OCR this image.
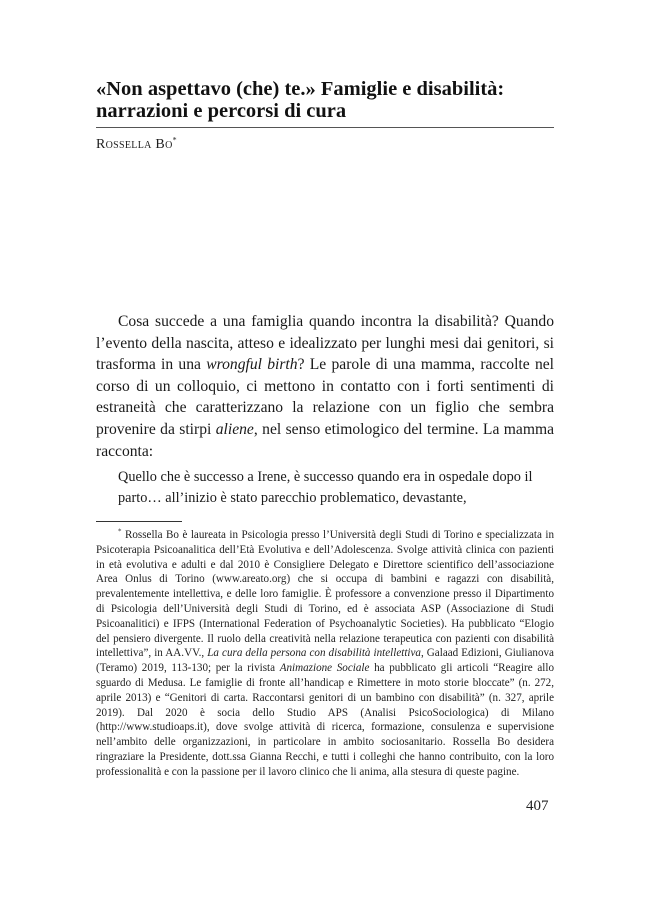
«Non aspettavo (che) te.» Famiglie e disabilità: narrazioni e percorsi di cura
Rossella Bo*

Cosa succede a una famiglia quando incontra la disabilità? Quando l’evento della nascita, atteso e idealizzato per lunghi mesi dai genitori, si trasforma in una wrongful birth? Le parole di una mamma, raccolte nel corso di un colloquio, ci mettono in contatto con i forti sentimenti di estraneità che caratterizzano la relazione con un figlio che sembra provenire da stirpi aliene, nel senso etimologico del termine. La mamma racconta:

Quello che è successo a Irene, è successo quando era in ospedale dopo il parto… all’inizio è stato parecchio problematico, devastante,

* Rossella Bo è laureata in Psicologia presso l’Università degli Studi di Torino e specializzata in Psicoterapia Psicoanalitica dell’Età Evolutiva e dell’Adolescenza. Svolge attività clinica con pazienti in età evolutiva e adulti e dal 2010 è Consigliere Delegato e Direttore scientifico dell’associazione Area Onlus di Torino (www.areato.org) che si occupa di bambini e ragazzi con disabilità, prevalentemente intellettiva, e delle loro famiglie. È professore a convenzione presso il Dipartimento di Psicologia dell’Università degli Studi di Torino, ed è associata ASP (Associazione di Studi Psicoanalitici) e IFPS (International Federation of Psychoanalytic Societies). Ha pubblicato “Elogio del pensiero divergente. Il ruolo della creatività nella relazione terapeutica con pazienti con disabilità intellettiva”, in AA.VV., La cura della persona con disabilità intellettiva, Galaad Edizioni, Giulianova (Teramo) 2019, 113-130; per la rivista Animazione Sociale ha pubblicato gli articoli “Reagire allo sguardo di Medusa. Le famiglie di fronte all’handicap e Rimettere in moto storie bloccate” (n. 272, aprile 2013) e “Genitori di carta. Raccontarsi genitori di un bambino con disabilità” (n. 327, aprile 2019). Dal 2020 è socia dello Studio APS (Analisi PsicoSociologica) di Milano (http://www.studioaps.it), dove svolge attività di ricerca, formazione, consulenza e supervisione nell’ambito delle organizzazioni, in particolare in ambito sociosanitario. Rossella Bo desidera ringraziare la Presidente, dott.ssa Gianna Recchi, e tutti i colleghi che hanno contribuito, con la loro professionalità e con la passione per il lavoro clinico che li anima, alla stesura di queste pagine.

407
